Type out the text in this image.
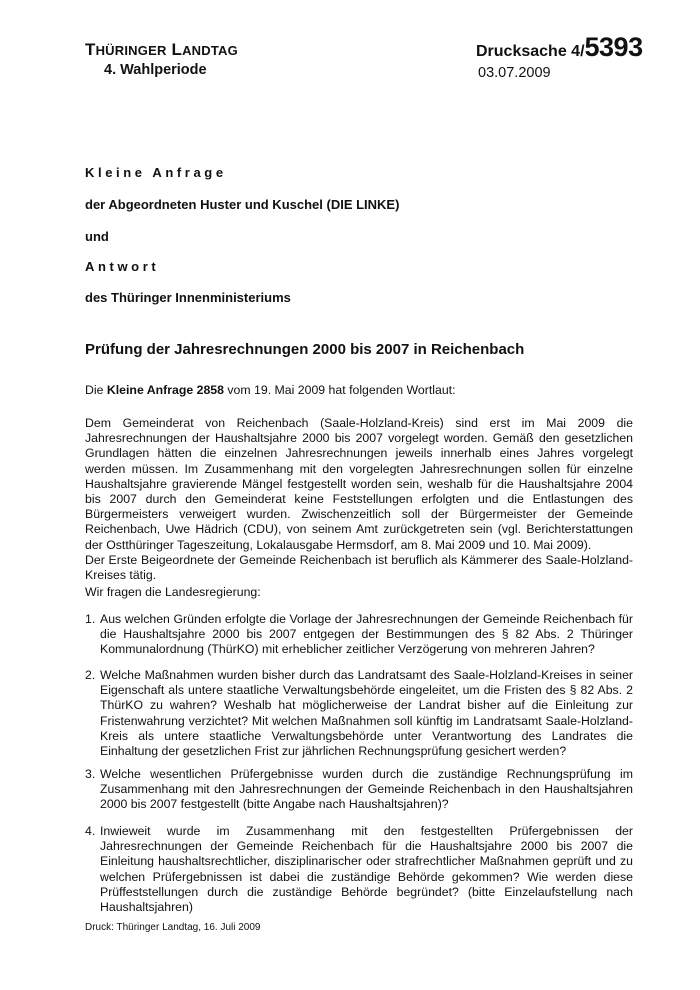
THÜRINGER LANDTAG
4. Wahlperiode
Drucksache 4/5393
03.07.2009
Kleine Anfrage
der Abgeordneten Huster und Kuschel (DIE LINKE)
und
Antwort
des Thüringer Innenministeriums
Prüfung der Jahresrechnungen 2000 bis 2007 in Reichenbach
Die Kleine Anfrage 2858 vom 19. Mai 2009 hat folgenden Wortlaut:

Dem Gemeinderat von Reichenbach (Saale-Holzland-Kreis) sind erst im Mai 2009 die Jahresrechnungen der Haushaltsjahre 2000 bis 2007 vorgelegt worden. Gemäß den gesetzlichen Grundlagen hätten die einzelnen Jahresrechnungen jeweils innerhalb eines Jahres vorgelegt werden müssen. Im Zusammenhang mit den vorgelegten Jahresrechnungen sollen für einzelne Haushaltsjahre gravierende Mängel festgestellt worden sein, weshalb für die Haushaltsjahre 2004 bis 2007 durch den Gemeinderat keine Feststellungen erfolgten und die Entlastungen des Bürgermeisters verweigert wurden. Zwischenzeitlich soll der Bürgermeister der Gemeinde Reichenbach, Uwe Hädrich (CDU), von seinem Amt zurückgetreten sein (vgl. Berichterstattungen der Ostthüringer Tageszeitung, Lokalausgabe Hermsdorf, am 8. Mai 2009 und 10. Mai 2009).

Der Erste Beigeordnete der Gemeinde Reichenbach ist beruflich als Kämmerer des Saale-Holzland-Kreises tätig.

Wir fragen die Landesregierung:
1. Aus welchen Gründen erfolgte die Vorlage der Jahresrechnungen der Gemeinde Reichenbach für die Haushaltsjahre 2000 bis 2007 entgegen der Bestimmungen des § 82 Abs. 2 Thüringer Kommunalordnung (ThürKO) mit erheblicher zeitlicher Verzögerung von mehreren Jahren?
2. Welche Maßnahmen wurden bisher durch das Landratsamt des Saale-Holzland-Kreises in seiner Eigenschaft als untere staatliche Verwaltungsbehörde eingeleitet, um die Fristen des § 82 Abs. 2 ThürKO zu wahren? Weshalb hat möglicherweise der Landrat bisher auf die Einleitung zur Fristenwahrung verzichtet? Mit welchen Maßnahmen soll künftig im Landratsamt Saale-Holzland-Kreis als untere staatliche Verwaltungsbehörde unter Verantwortung des Landrates die Einhaltung der gesetzlichen Frist zur jährlichen Rechnungsprüfung gesichert werden?
3. Welche wesentlichen Prüfergebnisse wurden durch die zuständige Rechnungsprüfung im Zusammenhang mit den Jahresrechnungen der Gemeinde Reichenbach in den Haushaltsjahren 2000 bis 2007 festgestellt (bitte Angabe nach Haushaltsjahren)?
4. Inwieweit wurde im Zusammenhang mit den festgestellten Prüfergebnissen der Jahresrechnungen der Gemeinde Reichenbach für die Haushaltsjahre 2000 bis 2007 die Einleitung haushaltsrechtlicher, disziplinarischer oder strafrechtlicher Maßnahmen geprüft und zu welchen Prüfergebnissen ist dabei die zuständige Behörde gekommen? Wie werden diese Prüffeststellungen durch die zuständige Behörde begründet? (bitte Einzelaufstellung nach Haushaltsjahren)
Druck: Thüringer Landtag, 16. Juli 2009
